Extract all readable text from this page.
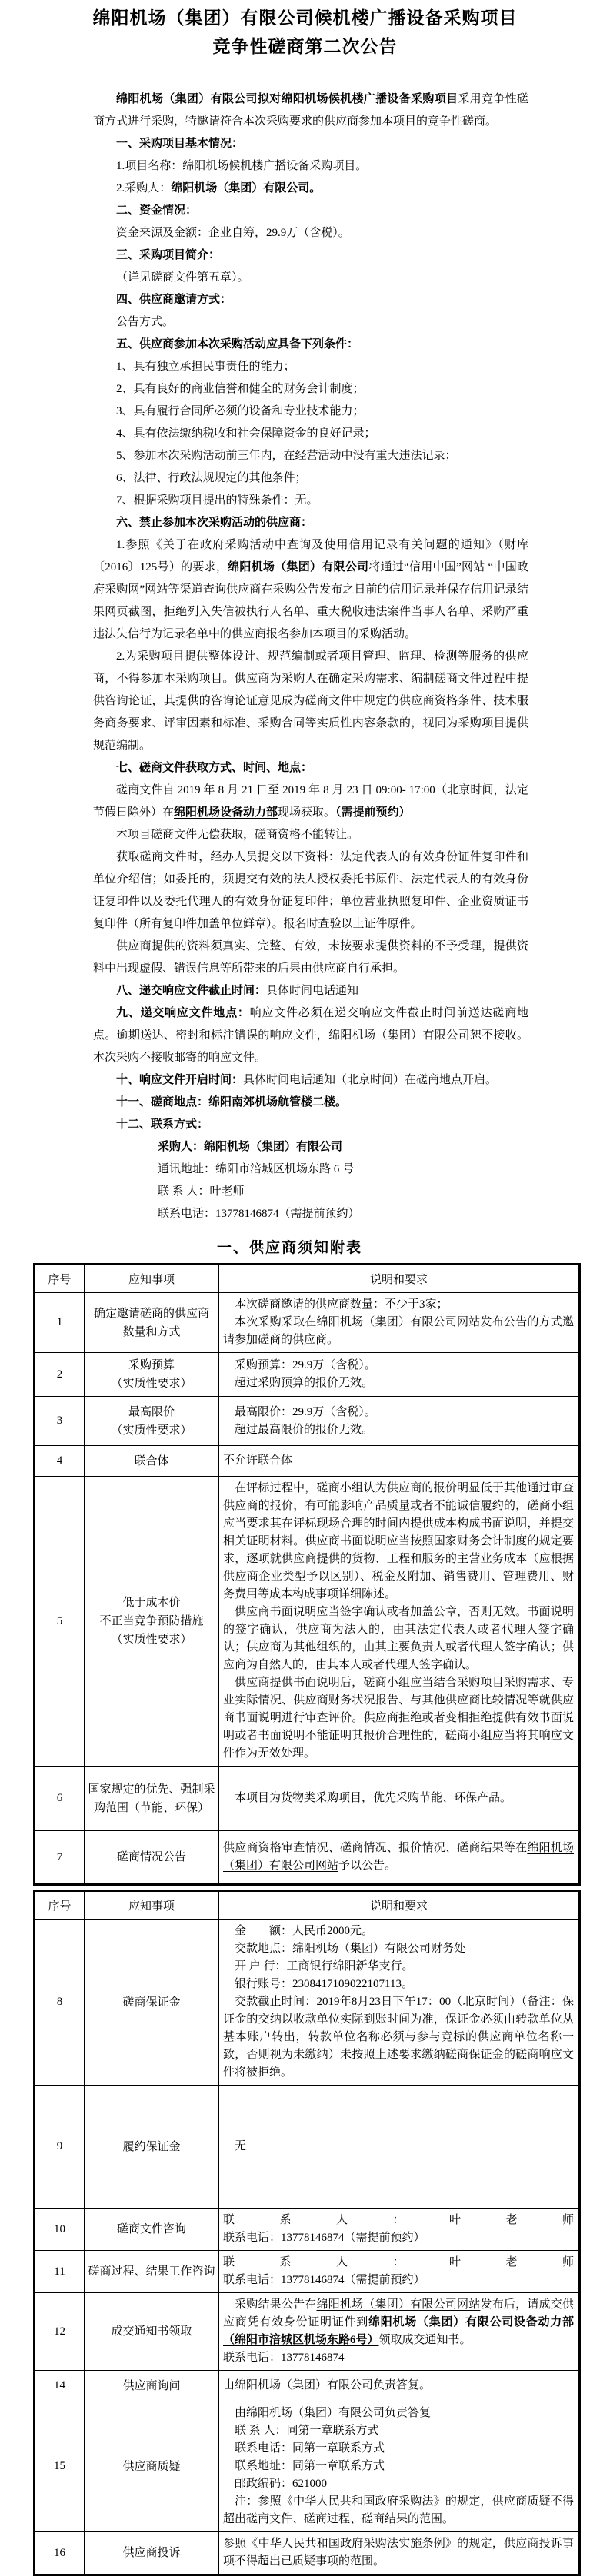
绵阳机场（集团）有限公司候机楼广播设备采购项目
竞争性磋商第二次公告
绵阳机场（集团）有限公司拟对绵阳机场候机楼广播设备采购项目采用竞争性磋商方式进行采购，特邀请符合本次采购要求的供应商参加本项目的竞争性磋商。
一、采购项目基本情况：
1.项目名称：绵阳机场候机楼广播设备采购项目。
2.采购人：绵阳机场（集团）有限公司。
二、资金情况：
资金来源及金额：企业自筹，29.9万（含税）。
三、采购项目简介：
（详见磋商文件第五章）。
四、供应商邀请方式：
公告方式。
五、供应商参加本次采购活动应具备下列条件：
1、具有独立承担民事责任的能力；
2、具有良好的商业信誉和健全的财务会计制度；
3、具有履行合同所必须的设备和专业技术能力；
4、具有依法缴纳税收和社会保障资金的良好记录；
5、参加本次采购活动前三年内，在经营活动中没有重大违法记录；
6、法律、行政法规规定的其他条件；
7、根据采购项目提出的特殊条件：无。
六、禁止参加本次采购活动的供应商：
1.参照《关于在政府采购活动中查询及使用信用记录有关问题的通知》（财库〔2016〕125号）的要求，绵阳机场（集团）有限公司将通过“信用中国”网站 “中国政府采购网”网站等渠道查询供应商在采购公告发布之日前的信用记录并保存信用记录结果网页截图，拒绝列入失信被执行人名单、重大税收违法案件当事人名单、采购严重违法失信行为记录名单中的供应商报名参加本项目的采购活动。
2.为采购项目提供整体设计、规范编制或者项目管理、监理、检测等服务的供应商，不得参加本采购项目。供应商为采购人在确定采购需求、编制磋商文件过程中提供咨询论证，其提供的咨询论证意见成为磋商文件中规定的供应商资格条件、技术服务商务要求、评审因素和标准、采购合同等实质性内容条款的，视同为采购项目提供规范编制。
七、磋商文件获取方式、时间、地点：
磋商文件自 2019 年 8 月 21 日至 2019 年 8 月 23 日 09:00- 17:00（北京时间，法定节假日除外）在绵阳机场设备动力部现场获取。（需提前预约）
本项目磋商文件无偿获取，磋商资格不能转让。
获取磋商文件时，经办人员提交以下资料：法定代表人的有效身份证件复印件和单位介绍信；如委托的，须提交有效的法人授权委托书原件、法定代表人的有效身份证复印件以及委托代理人的有效身份证复印件；单位营业执照复印件、企业资质证书复印件（所有复印件加盖单位鲜章）。报名时查验以上证件原件。
供应商提供的资料须真实、完整、有效，未按要求提供资料的不予受理，提供资料中出现虚假、错误信息等所带来的后果由供应商自行承担。
八、递交响应文件截止时间：具体时间电话通知
九、递交响应文件地点：响应文件必须在递交响应文件截止时间前送达磋商地点。逾期送达、密封和标注错误的响应文件，绵阳机场（集团）有限公司恕不接收。本次采购不接收邮寄的响应文件。
十、响应文件开启时间：具体时间电话通知（北京时间）在磋商地点开启。
十一、磋商地点：绵阳南郊机场航管楼二楼。
十二、联系方式：
采购人：绵阳机场（集团）有限公司
通讯地址：绵阳市涪城区机场东路 6 号
联 系 人：叶老师
联系电话：13778146874（需提前预约）
一、供应商须知附表
序号	应知事项	说明和要求
1	确定邀请磋商的供应商
数量和方式	
本次磋商邀请的供应商数量：不少于3家；
本次采购采取在绵阳机场（集团）有限公司网站发布公告的方式邀请参加磋商的供应商。

2	采购预算
（实质性要求）	
采购预算：29.9万（含税）。
超过采购预算的报价无效。

3	最高限价
（实质性要求）	
最高限价：29.9万（含税）。
超过最高限价的报价无效。

4	联合体	不允许联合体

5	低于成本价
不正当竞争预防措施
（实质性要求）	
在评标过程中，磋商小组认为供应商的报价明显低于其他通过审查供应商的报价，有可能影响产品质量或者不能诚信履约的，磋商小组应当要求其在评标现场合理的时间内提供成本构成书面说明，并提交相关证明材料。供应商书面说明应当按照国家财务会计制度的规定要求，逐项就供应商提供的货物、工程和服务的主营业务成本（应根据供应商企业类型予以区别）、税金及附加、销售费用、管理费用、财务费用等成本构成事项详细陈述。
供应商书面说明应当签字确认或者加盖公章，否则无效。书面说明的签字确认，供应商为法人的，由其法定代表人或者代理人签字确认；供应商为其他组织的，由其主要负责人或者代理人签字确认；供应商为自然人的，由其本人或者代理人签字确认。
供应商提供书面说明后，磋商小组应当结合采购项目采购需求、专业实际情况、供应商财务状况报告、与其他供应商比较情况等就供应商书面说明进行审查评价。供应商拒绝或者变相拒绝提供有效书面说明或者书面说明不能证明其报价合理性的，磋商小组应当将其响应文件作为无效处理。

6	国家规定的优先、强制采购范围（节能、环保）	本项目为货物类采购项目，优先采购节能、环保产品。

7	磋商情况公告	供应商资格审查情况、磋商情况、报价情况、磋商结果等在绵阳机场（集团）有限公司网站予以公告。
序号	应知事项	说明和要求
8	磋商保证金	金　　额：人民币2000元。
交款地点：绵阳机场（集团）有限公司财务处
开 户 行：工商银行绵阳新华支行。
银行账号：2308417109022107113。
交款截止时间：2019年8月23日下午17：00（北京时间）（备注：保证金的交纳以收款单位实际到账时间为准，保证金必须由转款单位从基本账户转出，转款单位名称必须与参与竞标的供应商单位名称一致，否则视为未缴纳）未按照上述要求缴纳磋商保证金的磋商响应文件将被拒绝。

9	履约保证金	无

10	磋商文件咨询	联系人：叶老师　　　　　　联系电话：13778146874（需提前预约）

11	磋商过程、结果工作咨询	联系人：叶老师　　　　　　联系电话：13778146874（需提前预约）

12	成交通知书领取	采购结果公告在绵阳机场（集团）有限公司网站发布后，请成交供应商凭有效身份证明证件到绵阳机场（集团）有限公司设备动力部（绵阳市涪城区机场东路6号）领取成交通知书。
联系电话：13778146874

14	供应商询问	由绵阳机场（集团）有限公司负责答复。

15	供应商质疑	
由绵阳机场（集团）有限公司负责答复
联 系 人：同第一章联系方式
联系电话：同第一章联系方式
联系地址：同第一章联系方式
邮政编码：621000
注：参照《中华人民共和国政府采购法》的规定，供应商质疑不得超出磋商文件、磋商过程、磋商结果的范围。

16	供应商投诉	参照《中华人民共和国政府采购法实施条例》的规定，供应商投诉事项不得超出已质疑事项的范围。
